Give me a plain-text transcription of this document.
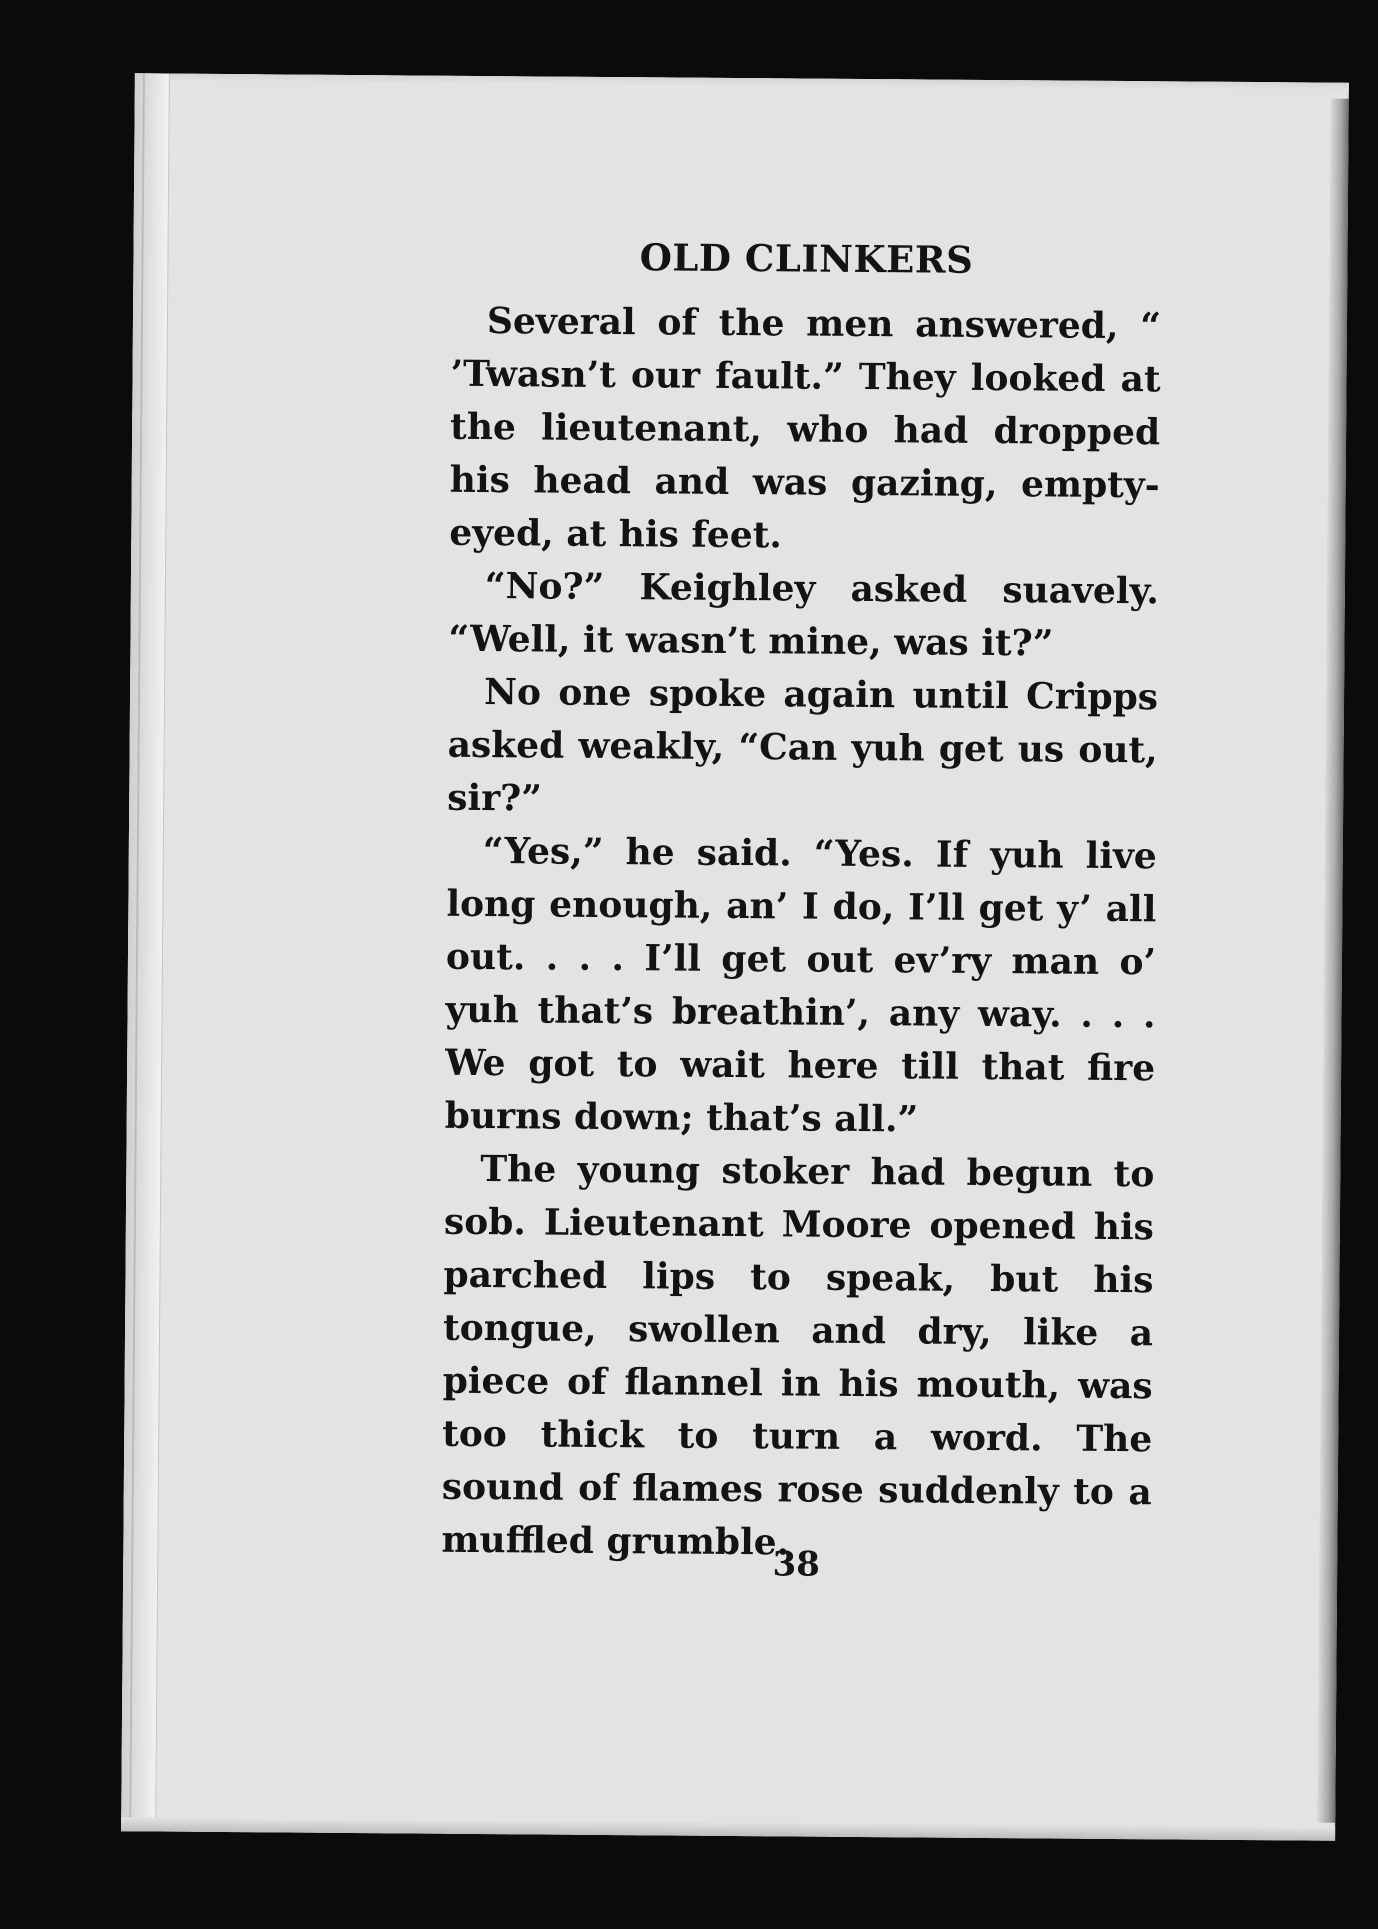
OLD CLINKERS

Several of the men answered, “ ’Twasn’t our fault.” They looked at the lieutenant, who had dropped his head and was gazing, empty-eyed, at his feet.

“No?” Keighley asked suavely. “Well, it wasn’t mine, was it?”

No one spoke again until Cripps asked weakly, “Can yuh get us out, sir?”

“Yes,” he said. “Yes. If yuh live long enough, an’ I do, I’ll get y’ all out. . . . I’ll get out ev’ry man o’ yuh that’s breathin’, any way. . . . We got to wait here till that fire burns down; that’s all.”

The young stoker had begun to sob. Lieutenant Moore opened his parched lips to speak, but his tongue, swollen and dry, like a piece of flannel in his mouth, was too thick to turn a word. The sound of flames rose suddenly to a muffled grumble.

38
